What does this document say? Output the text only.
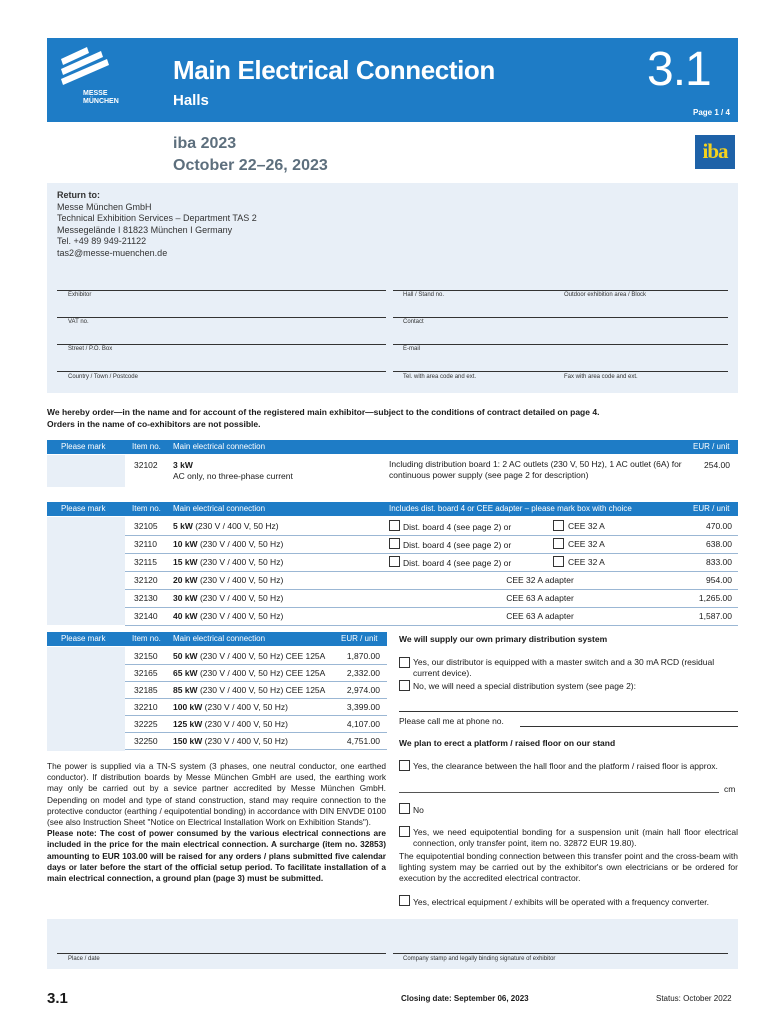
MESSE
MÜNCHEN
Main Electrical Connection
Halls
3.1
Page 1 / 4
iba 2023
October 22–26, 2023
iba
Return to:
Messe München GmbH
Technical Exhibition Services – Department TAS 2
Messegelände I 81823 München I Germany
Tel. +49 89 949-21122
tas2@messe-muenchen.de
Exhibitor	Hall / Stand no.	Outdoor exhibition area / Block
VAT no.	Contact
Street / P.O. Box	E-mail
Country / Town / Postcode	Tel. with area code and ext.	Fax with area code and ext.
We hereby order—in the name and for account of the registered main exhibitor—subject to the conditions of contract detailed on page 4.
Orders in the name of co-exhibitors are not possible.
Please mark	Item no. Main electrical connection	EUR / unit
32102 3 kW
AC only, no three-phase current
Including distribution board 1: 2 AC outlets (230 V, 50 Hz), 1 AC outlet (6A) for continuous power supply (see page 2 for description)
254.00
Please mark	Item no. Main electrical connection	Includes dist. board 4 or CEE adapter – please mark box with choice	EUR / unit
32105 5 kW (230 V / 400 V, 50 Hz)	Dist. board 4 (see page 2) or	CEE 32 A	470.00
32110 10 kW (230 V / 400 V, 50 Hz)	Dist. board 4 (see page 2) or	CEE 32 A	638.00
32115 15 kW (230 V / 400 V, 50 Hz)	Dist. board 4 (see page 2) or	CEE 32 A	833.00
32120 20 kW (230 V / 400 V, 50 Hz)	CEE 32 A adapter	954.00
32130 30 kW (230 V / 400 V, 50 Hz)	CEE 63 A adapter	1,265.00
32140 40 kW (230 V / 400 V, 50 Hz)	CEE 63 A adapter	1,587.00
Please mark	Item no. Main electrical connection	EUR / unit
32150 50 kW (230 V / 400 V, 50 Hz) CEE 125A	1,870.00
32165 65 kW (230 V / 400 V, 50 Hz) CEE 125A	2,332.00
32185 85 kW (230 V / 400 V, 50 Hz) CEE 125A	2,974.00
32210 100 kW (230 V / 400 V, 50 Hz)	3,399.00
32225 125 kW (230 V / 400 V, 50 Hz)	4,107.00
32250 150 kW (230 V / 400 V, 50 Hz)	4,751.00
We will supply our own primary distribution system
Yes, our distributor is equipped with a master switch and a 30 mA RCD (residual current device).
No, we will need a special distribution system (see page 2):
Please call me at phone no.
We plan to erect a platform / raised floor on our stand
Yes, the clearance between the hall floor and the platform / raised floor is approx.
cm
No
Yes, we need equipotential bonding for a suspension unit (main hall floor electrical connection, only transfer point, item no. 32872 EUR 19.80).
The equipotential bonding connection between this transfer point and the cross-beam with lighting system may be carried out by the exhibitor's own electricians or be ordered for execution by the accredited electrical contractor.
Yes, electrical equipment / exhibits will be operated with a frequency converter.
The power is supplied via a TN-S system (3 phases, one neutral conductor, one earthed conductor). If distribution boards by Messe München GmbH are used, the earthing work may only be carried out by a sevice partner accredited by Messe München GmbH. Depending on model and type of stand construction, stand may require connection to the protective conductor (earthing / equipotential bonding) in accordance with DIN ENVDE 0100 (see also Instruction Sheet "Notice on Electrical Installation Work on Exhibition Stands").
Please note: The cost of power consumed by the various electrical connections are included in the price for the main electrical connection. A surcharge (item no. 32853) amounting to EUR 103.00 will be raised for any orders / plans submitted five calendar days or later before the start of the official setup period. To facilitate installation of a main electrical connection, a ground plan (page 3) must be submitted.
Place / date	Company stamp and legally binding signature of exhibitor
3.1	Closing date: September 06, 2023	Status: October 2022
